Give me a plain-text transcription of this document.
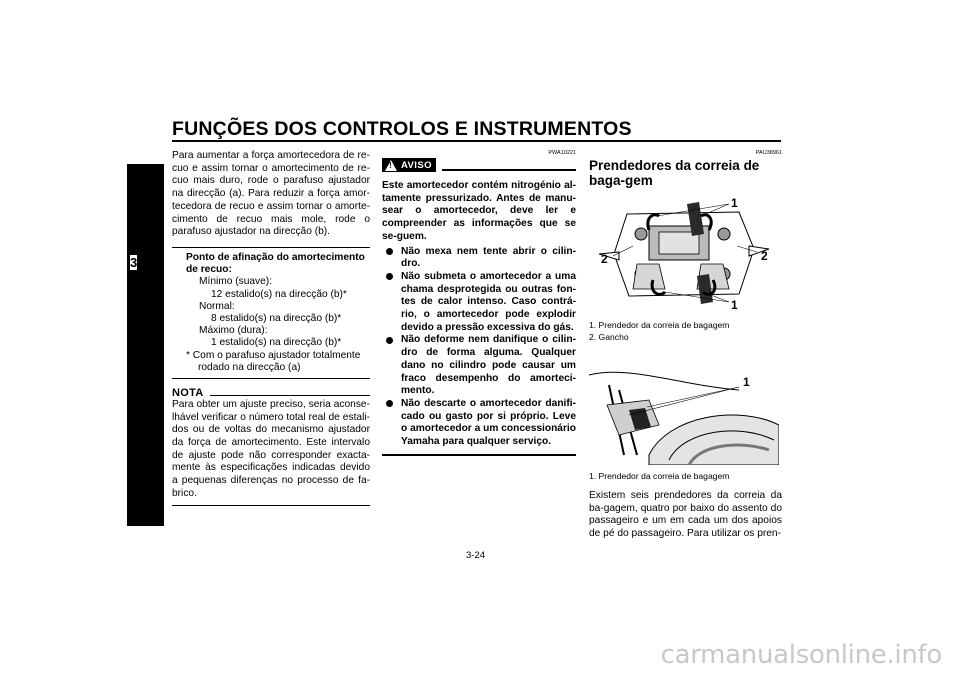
FUNÇÕES DOS CONTROLOS E INSTRUMENTOS
3

Para aumentar a força amortecedora de re-cuo e assim tornar o amortecimento de re-cuo mais duro, rode o parafuso ajustador na direcção (a). Para reduzir a força amor-tecedora de recuo e assim tornar o amorte-cimento de recuo mais mole, rode o parafuso ajustador na direcção (b).

Ponto de afinação do amortecimento de recuo:
Mínimo (suave):
12 estalido(s) na direcção (b)*
Normal:
8 estalido(s) na direcção (b)*
Máximo (dura):
1 estalido(s) na direcção (b)*
* Com o parafuso ajustador totalmente rodado na direcção (a)
NOTA

Para obter um ajuste preciso, seria aconse-lhável verificar o número total real de estali-dos ou de voltas do mecanismo ajustador da força de amortecimento. Este intervalo de ajuste pode não corresponder exacta-mente às especificações indicadas devido a pequenas diferenças no processo de fa-brico.

PWA10221
! AVISO

Este amortecedor contém nitrogénio al-tamente pressurizado. Antes de manu-sear o amortecedor, deve ler e compreender as informações que se se-guem.

Não mexa nem tente abrir o cilin-dro.
Não submeta o amortecedor a uma chama desprotegida ou outras fon-tes de calor intenso. Caso contrá-rio, o amortecedor pode explodir devido a pressão excessiva do gás.
Não deforme nem danifique o cilin-dro de forma alguma. Qualquer dano no cilindro pode causar um fraco desempenho do amorteci-mento.
Não descarte o amortecedor danifi-cado ou gasto por si próprio. Leve o amortecedor a um concessionário Yamaha para qualquer serviço.
PAU38961
Prendedores da correia de baga-gem
1
2	2
1
1. Prendedor da correia de bagagem
2. Gancho
1
1. Prendedor da correia de bagagem

Existem seis prendedores da correia da ba-gagem, quatro por baixo do assento do passageiro e um em cada um dos apoios de pé do passageiro. Para utilizar os pren-

3-24
carmanualsonline.info
